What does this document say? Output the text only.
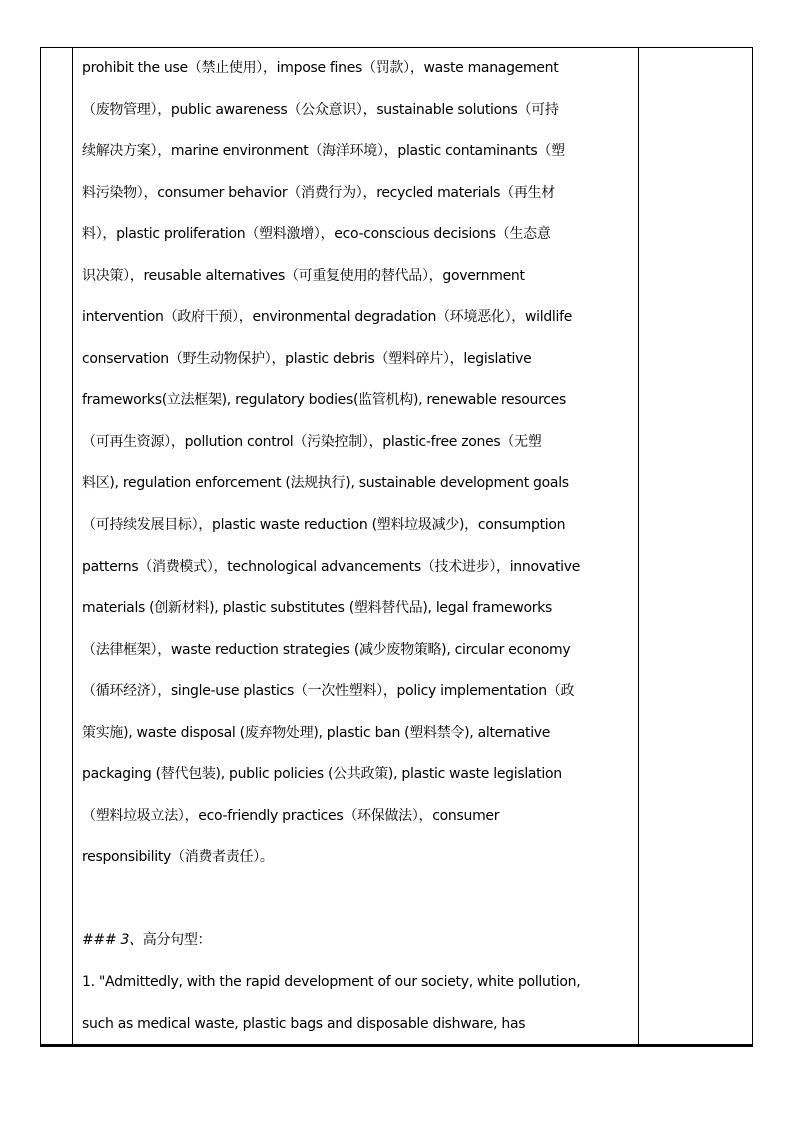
prohibit the use（禁止使用），impose fines（罚款），waste management
（废物管理），public awareness（公众意识），sustainable solutions（可持
续解决方案），marine environment（海洋环境），plastic contaminants（塑
料污染物），consumer behavior（消费行为），recycled materials（再生材
料），plastic proliferation（塑料激增），eco-conscious decisions（生态意
识决策），reusable alternatives（可重复使用的替代品），government
intervention（政府干预），environmental degradation（环境恶化），wildlife
conservation（野生动物保护），plastic debris（塑料碎片），legislative
frameworks(立法框架), regulatory bodies(监管机构), renewable resources
（可再生资源），pollution control（污染控制），plastic-free zones（无塑
料区), regulation enforcement (法规执行), sustainable development goals
（可持续发展目标），plastic waste reduction (塑料垃圾减少)，consumption
patterns（消费模式），technological advancements（技术进步），innovative
materials (创新材料), plastic substitutes (塑料替代品), legal frameworks
（法律框架），waste reduction strategies (减少废物策略), circular economy
（循环经济），single-use plastics（一次性塑料），policy implementation（政
策实施), waste disposal (废弃物处理), plastic ban (塑料禁令), alternative
packaging (替代包装), public policies (公共政策), plastic waste legislation
（塑料垃圾立法），eco-friendly practices（环保做法），consumer
responsibility（消费者责任）。
### 3、高分句型：
1. "Admittedly, with the rapid development of our society, white pollution,
such as medical waste, plastic bags and disposable dishware, has
